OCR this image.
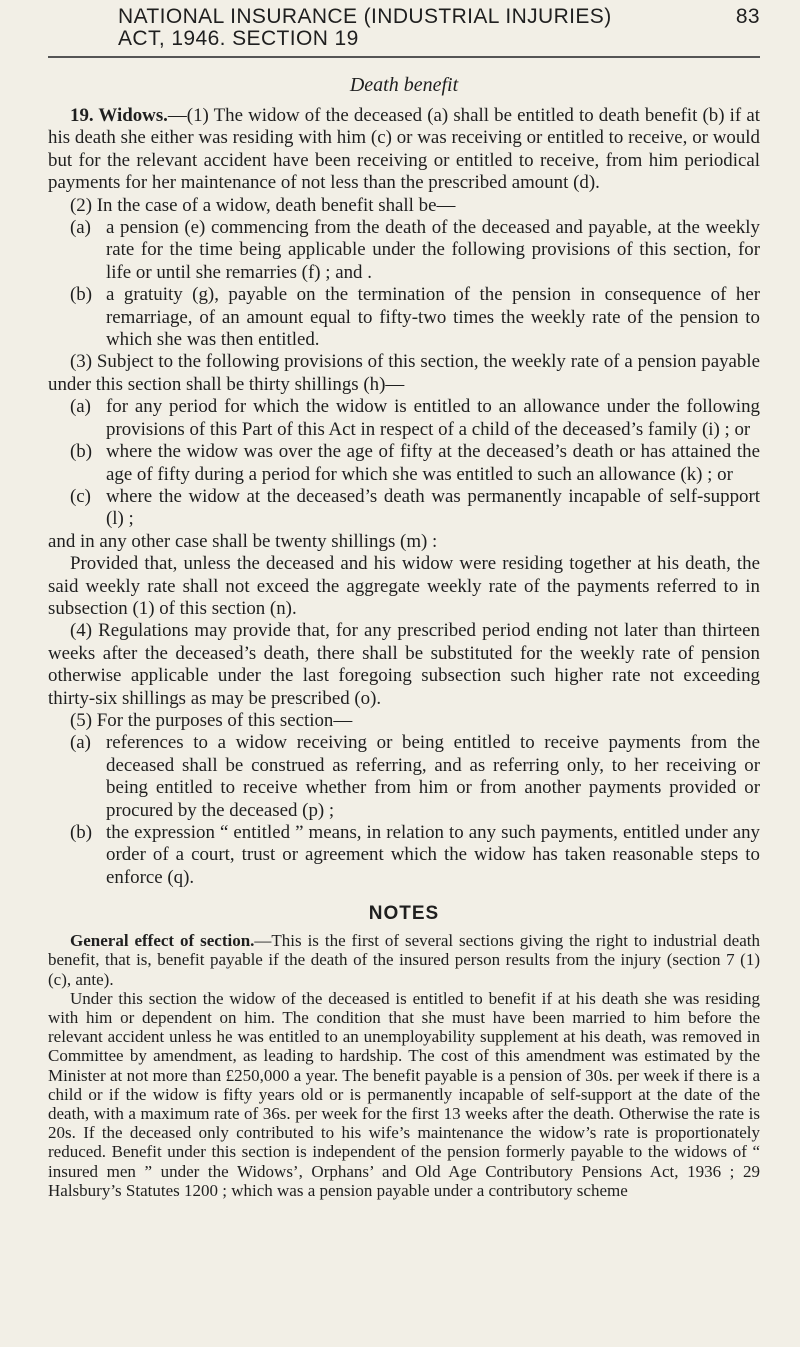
NATIONAL INSURANCE (INDUSTRIAL INJURIES)	83
ACT, 1946. SECTION 19
Death benefit

19. Widows.—(1) The widow of the deceased (a) shall be entitled to death benefit (b) if at his death she either was residing with him (c) or was receiving or entitled to receive, or would but for the relevant accident have been receiving or entitled to receive, from him periodical payments for her maintenance of not less than the prescribed amount (d).

(2) In the case of a widow, death benefit shall be—

(a) a pension (e) commencing from the death of the deceased and payable, at the weekly rate for the time being applicable under the following provisions of this section, for life or until she remarries (f) ; and .
(b) a gratuity (g), payable on the termination of the pension in consequence of her remarriage, of an amount equal to fifty-two times the weekly rate of the pension to which she was then entitled.

(3) Subject to the following provisions of this section, the weekly rate of a pension payable under this section shall be thirty shillings (h)—

(a) for any period for which the widow is entitled to an allowance under the following provisions of this Part of this Act in respect of a child of the deceased’s family (i) ; or
(b) where the widow was over the age of fifty at the deceased’s death or has attained the age of fifty during a period for which she was entitled to such an allowance (k) ; or
(c) where the widow at the deceased’s death was permanently incapable of self-support (l) ;

and in any other case shall be twenty shillings (m) :

Provided that, unless the deceased and his widow were residing together at his death, the said weekly rate shall not exceed the aggregate weekly rate of the payments referred to in subsection (1) of this section (n).

(4) Regulations may provide that, for any prescribed period ending not later than thirteen weeks after the deceased’s death, there shall be substituted for the weekly rate of pension otherwise applicable under the last foregoing subsection such higher rate not exceeding thirty-six shillings as may be prescribed (o).

(5) For the purposes of this section—

(a) references to a widow receiving or being entitled to receive payments from the deceased shall be construed as referring, and as referring only, to her receiving or being entitled to receive whether from him or from another payments provided or procured by the deceased (p) ;
(b) the expression “ entitled ” means, in relation to any such payments, entitled under any order of a court, trust or agreement which the widow has taken reasonable steps to enforce (q).
NOTES

General effect of section.—This is the first of several sections giving the right to industrial death benefit, that is, benefit payable if the death of the insured person results from the injury (section 7 (1) (c), ante).

Under this section the widow of the deceased is entitled to benefit if at his death she was residing with him or dependent on him. The condition that she must have been married to him before the relevant accident unless he was entitled to an unemployability supplement at his death, was removed in Committee by amendment, as leading to hardship. The cost of this amendment was estimated by the Minister at not more than £250,000 a year. The benefit payable is a pension of 30s. per week if there is a child or if the widow is fifty years old or is permanently incapable of self-support at the date of the death, with a maximum rate of 36s. per week for the first 13 weeks after the death. Otherwise the rate is 20s. If the deceased only contributed to his wife’s maintenance the widow’s rate is proportionately reduced. Benefit under this section is independent of the pension formerly payable to the widows of “ insured men ” under the Widows’, Orphans’ and Old Age Contributory Pensions Act, 1936 ; 29 Halsbury’s Statutes 1200 ; which was a pension payable under a contributory scheme
